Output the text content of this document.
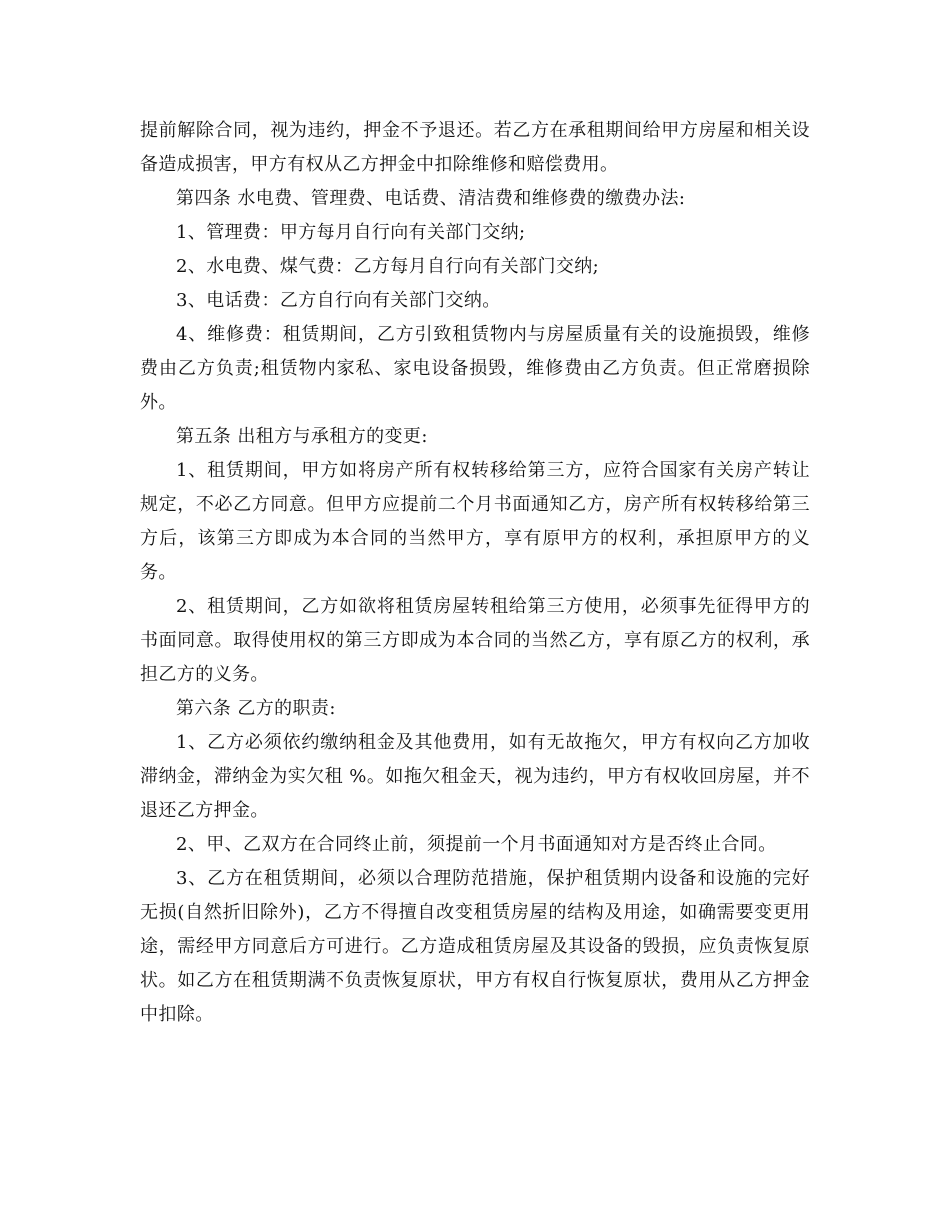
提前解除合同，视为违约，押金不予退还。若乙方在承租期间给甲方房屋和相关设备造成损害，甲方有权从乙方押金中扣除维修和赔偿费用。

第四条 水电费、管理费、电话费、清洁费和维修费的缴费办法:

1、管理费：甲方每月自行向有关部门交纳;

2、水电费、煤气费：乙方每月自行向有关部门交纳;

3、电话费：乙方自行向有关部门交纳。

4、维修费：租赁期间，乙方引致租赁物内与房屋质量有关的设施损毁，维修费由乙方负责;租赁物内家私、家电设备损毁，维修费由乙方负责。但正常磨损除外。

第五条 出租方与承租方的变更:

1、租赁期间，甲方如将房产所有权转移给第三方，应符合国家有关房产转让规定，不必乙方同意。但甲方应提前二个月书面通知乙方，房产所有权转移给第三方后，该第三方即成为本合同的当然甲方，享有原甲方的权利，承担原甲方的义务。

2、租赁期间，乙方如欲将租赁房屋转租给第三方使用，必须事先征得甲方的书面同意。取得使用权的第三方即成为本合同的当然乙方，享有原乙方的权利，承担乙方的义务。

第六条 乙方的职责:

1、乙方必须依约缴纳租金及其他费用，如有无故拖欠，甲方有权向乙方加收滞纳金，滞纳金为实欠租 %。如拖欠租金天，视为违约，甲方有权收回房屋，并不退还乙方押金。

2、甲、乙双方在合同终止前，须提前一个月书面通知对方是否终止合同。

3、乙方在租赁期间，必须以合理防范措施，保护租赁期内设备和设施的完好无损(自然折旧除外)，乙方不得擅自改变租赁房屋的结构及用途，如确需要变更用途，需经甲方同意后方可进行。乙方造成租赁房屋及其设备的毁损，应负责恢复原状。如乙方在租赁期满不负责恢复原状，甲方有权自行恢复原状，费用从乙方押金中扣除。
